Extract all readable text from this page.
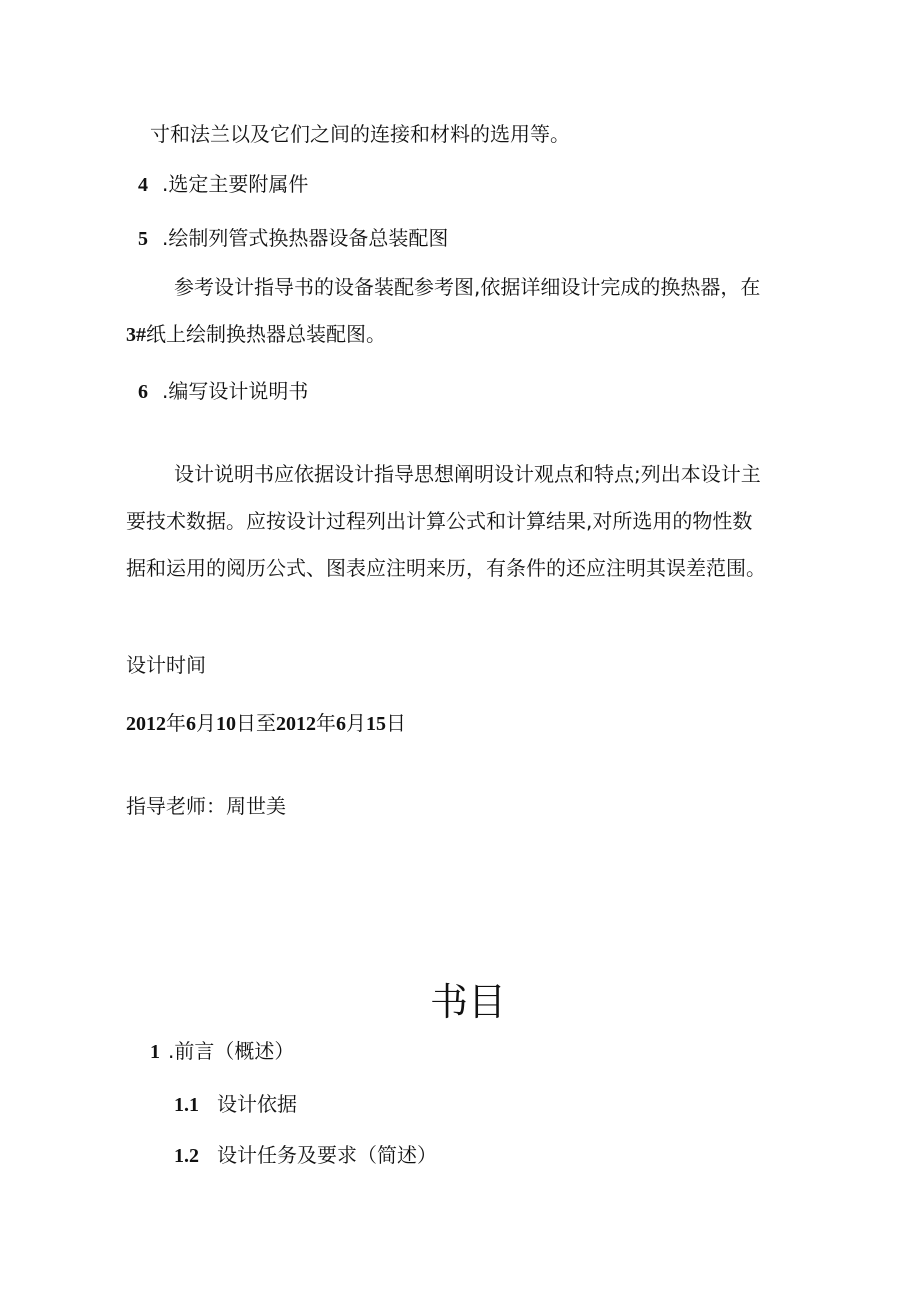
寸和法兰以及它们之间的连接和材料的选用等。
4 .选定主要附属件
5 .绘制列管式换热器设备总装配图
参考设计指导书的设备装配参考图,依据详细设计完成的换热器，在
3#纸上绘制换热器总装配图。
6 .编写设计说明书
设计说明书应依据设计指导思想阐明设计观点和特点;列出本设计主
要技术数据。应按设计过程列出计算公式和计算结果,对所选用的物性数
据和运用的阅历公式、图表应注明来历，有条件的还应注明其误差范围。
设计时间
2012年6月10日至2012年6月15日
指导老师：周世美
书目
1 .前言（概述）
1.1 设计依据
1.2 设计任务及要求（简述）
